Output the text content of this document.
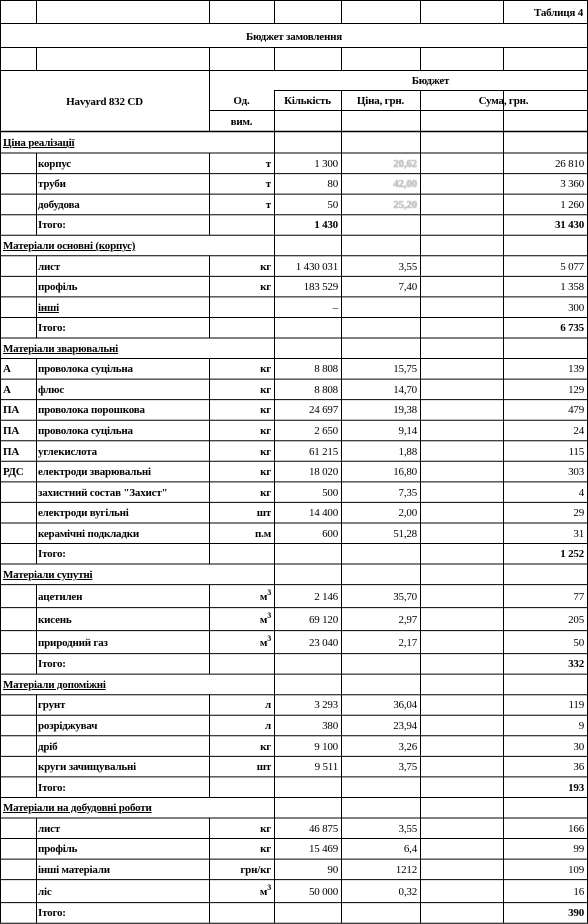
Таблиця 4
Бюджет замовлення
Бюджет
Havyard 832 CD	Од.
вим.
Кількість	Ціна, грн.	Сума, грн.
Ціна реалізації
корпус	т	1 300	20,62	26 810
труби	т	80	42,00	3 360
добудова	т	50	25,20	1 260
Ітого:	1 430	31 430
Матеріали основні (корпус)
лист	кг	1 430 031	3,55	5 077
профіль	кг	183 529	7,40	1 358
інші	–	300
Ітого:	6 735
Матеріали зварювальні
А	проволока суцільна	кг	8 808	15,75	139
А	флюс	кг	8 808	14,70	129
ПА	проволока порошкова	кг	24 697	19,38	479
ПА	проволока суцільна	кг	2 650	9,14	24
ПА	углекислота	кг	61 215	1,88	115
РДС	електроди зварювальні	кг	18 020	16,80	303
захистний состав "Захист"	кг	500	7,35	4
електроди вугільні	шт	14 400	2,00	29
керамічні подкладки	п.м	600	51,28	31
Ітого:	1 252
Матеріали супутні
ацетилен	$м^3$	2 146	35,70	77
кисень	$м^3$	69 120	2,97	205
природний газ	$м^3$	23 040	2,17	50
Ітого:	332
Матеріали допоміжні
грунт	л	3 293	36,04	119
розріджувач	л	380	23,94	9
дріб	кг	9 100	3,26	30
круги зачищувальні	шт	9 511	3,75	36
Ітого:	193
Матеріали на добудовні роботи
лист	кг	46 875	3,55	166
профіль	кг	15 469	6,4	99
інші матеріали	грн/кг	90	1212	109
ліс	$м^3$	50 000	0,32	16
Ітого:	390
